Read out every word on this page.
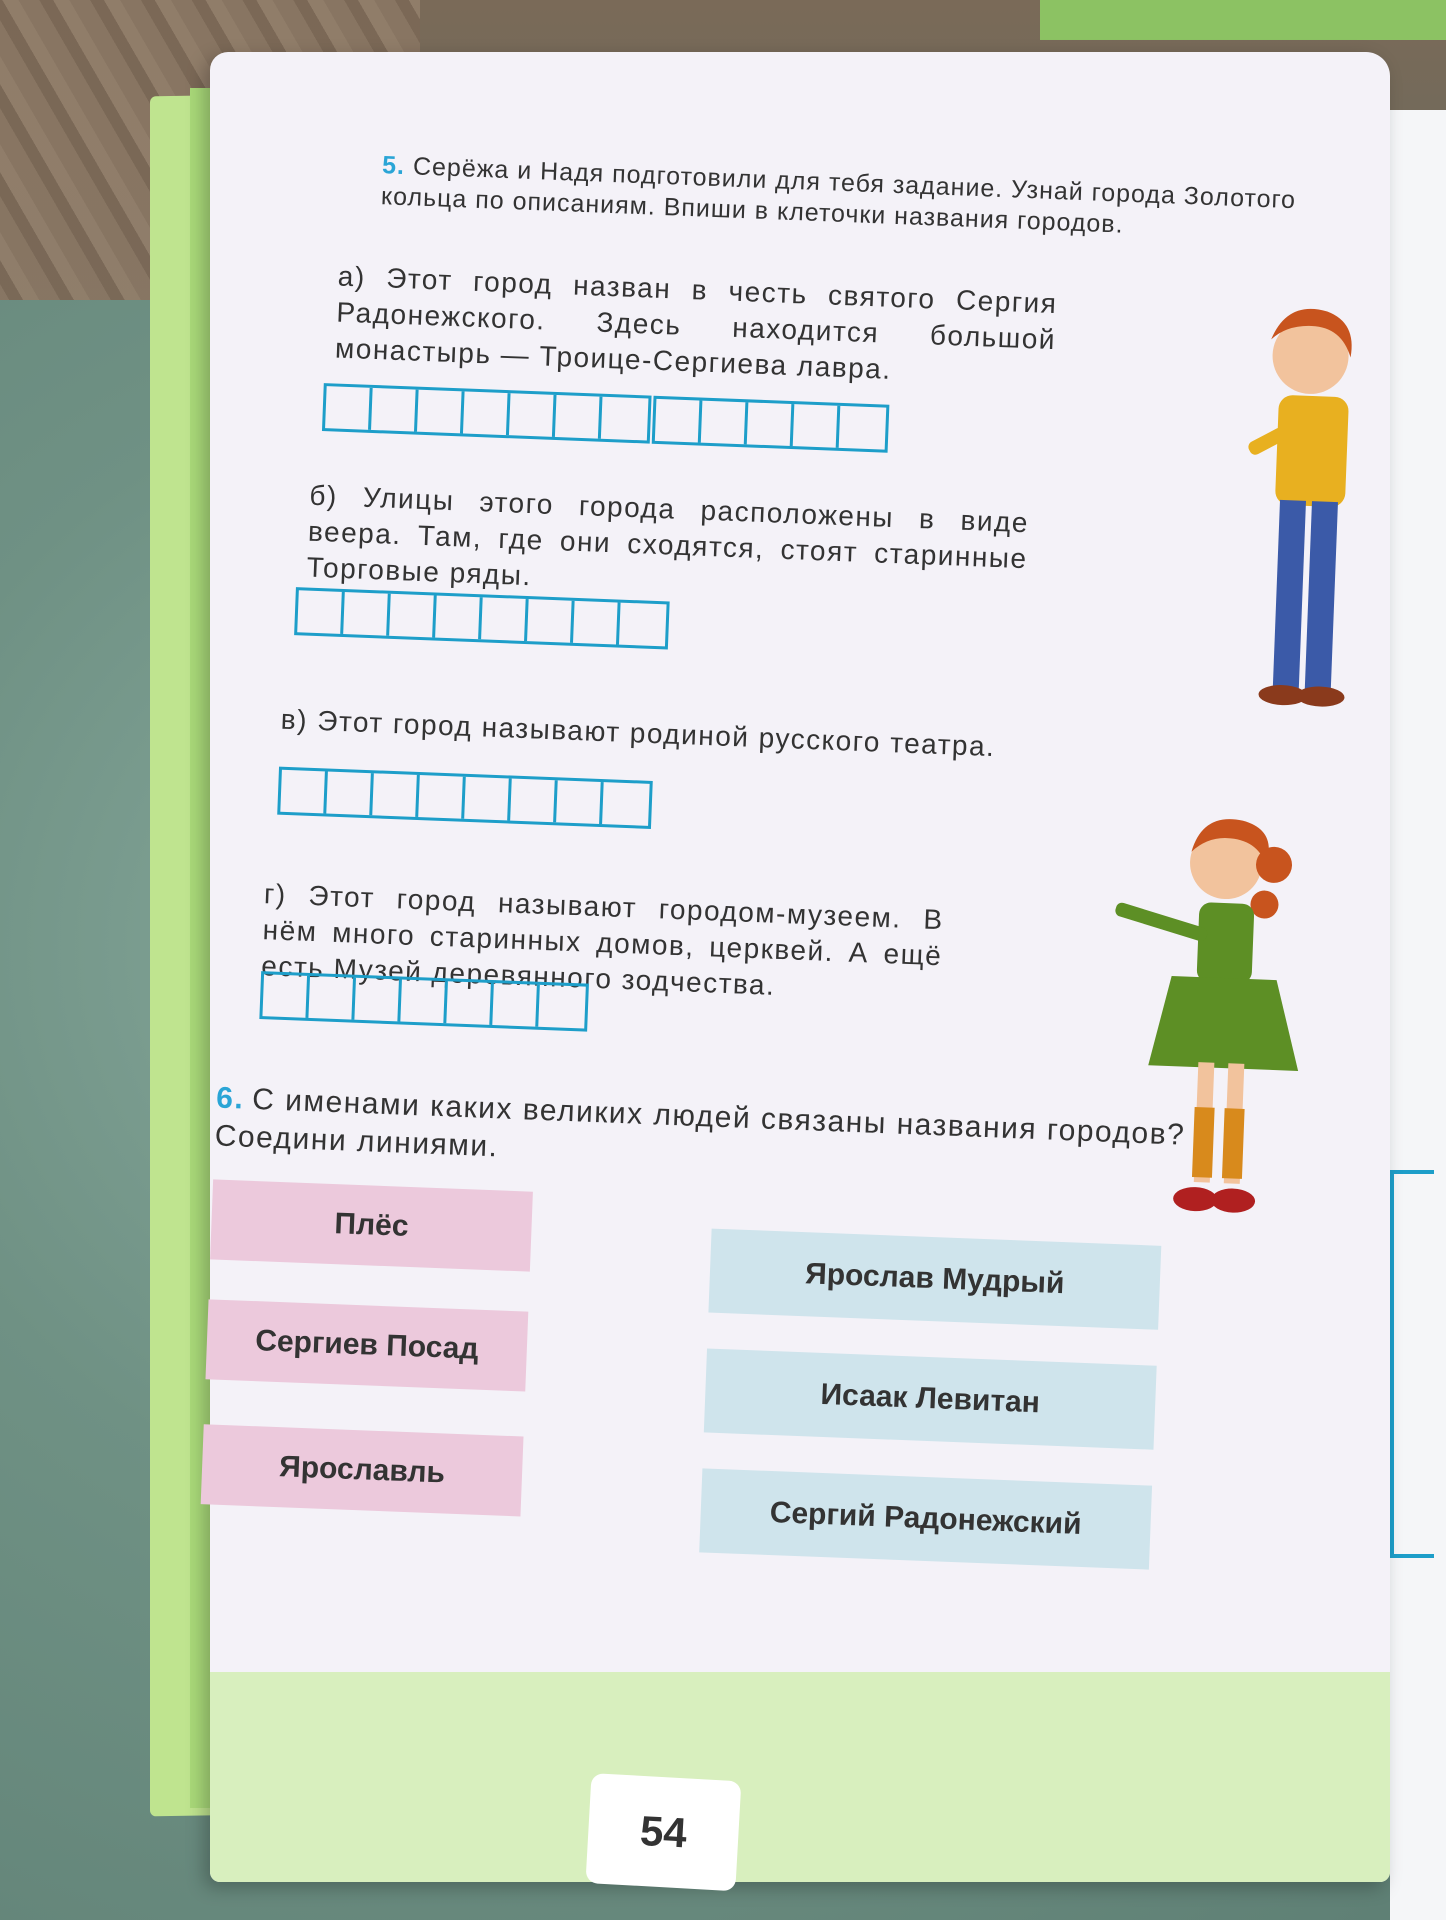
5. Серёжа и Надя подготовили для тебя задание. Узнай города Золотого кольца по описаниям. Впиши в клеточки названия городов.
а) Этот город назван в честь святого Сергия Радонежского. Здесь находится большой монастырь — Троице-Сергиева лавра.
б) Улицы этого города расположены в виде веера. Там, где они сходятся, стоят старинные Торговые ряды.
в) Этот город называют родиной русского театра.
г) Этот город называют городом-музеем. В нём много старинных домов, церквей. А ещё есть Музей деревянного зодчества.
6. С именами каких великих людей связаны названия городов? Соедини линиями.
Плёс
Сергиев Посад
Ярославль
Ярослав Мудрый
Исаак Левитан
Сергий Радонежский
54
